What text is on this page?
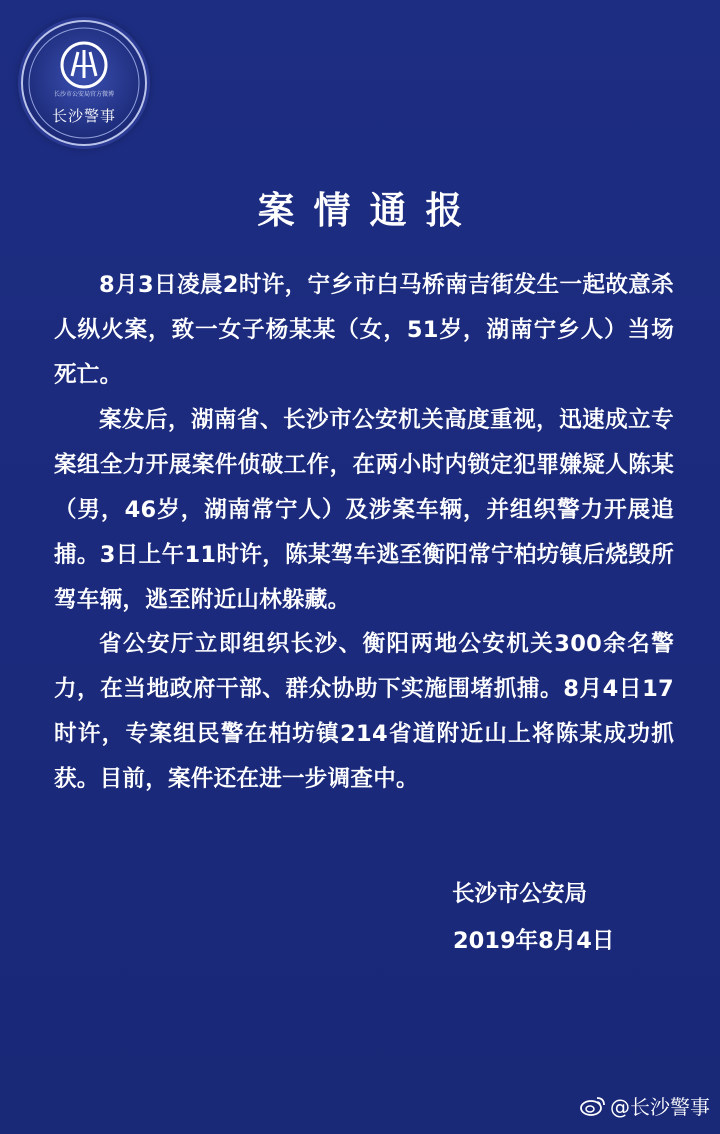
长沙市公安局官方微博
长沙警事
案情通报
8月3日凌晨2时许，宁乡市白马桥南吉街发生一起故意杀人纵火案，致一女子杨某某（女，51岁，湖南宁乡人）当场死亡。
案发后，湖南省、长沙市公安机关高度重视，迅速成立专案组全力开展案件侦破工作，在两小时内锁定犯罪嫌疑人陈某（男，46岁，湖南常宁人）及涉案车辆，并组织警力开展追捕。3日上午11时许，陈某驾车逃至衡阳常宁柏坊镇后烧毁所驾车辆，逃至附近山林躲藏。
省公安厅立即组织长沙、衡阳两地公安机关300余名警力，在当地政府干部、群众协助下实施围堵抓捕。8月4日17时许，专案组民警在柏坊镇214省道附近山上将陈某成功抓获。目前，案件还在进一步调查中。
长沙市公安局
2019年8月4日
@长沙警事
